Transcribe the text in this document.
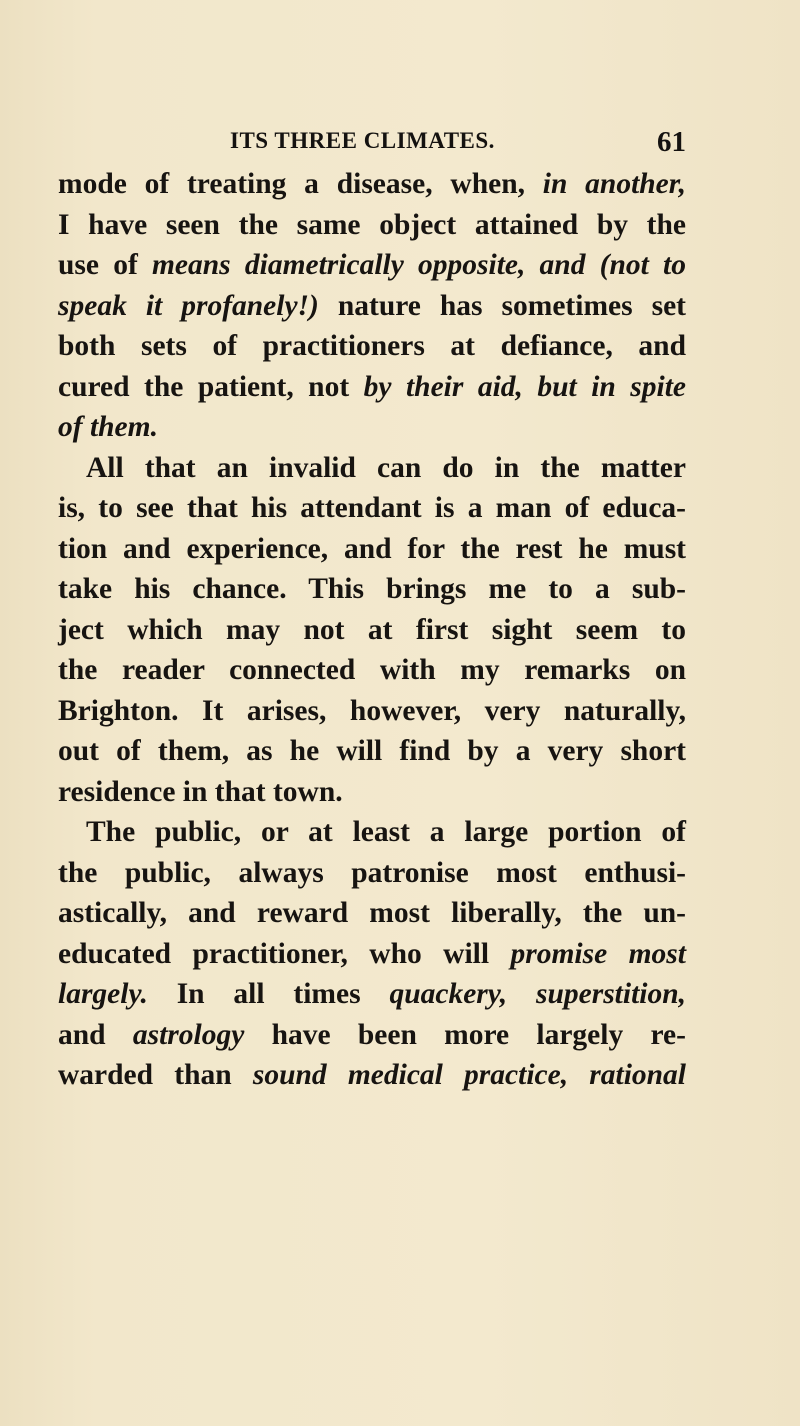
ITS THREE CLIMATES.	61
mode of treating a disease, when, in another,
I have seen the same object attained by the
use of means diametrically opposite, and (not to
speak it profanely!) nature has sometimes set
both sets of practitioners at defiance, and
cured the patient, not by their aid, but in spite
of them.
All that an invalid can do in the matter
is, to see that his attendant is a man of educa-
tion and experience, and for the rest he must
take his chance. This brings me to a sub-
ject which may not at first sight seem to
the reader connected with my remarks on
Brighton. It arises, however, very naturally,
out of them, as he will find by a very short
residence in that town.
The public, or at least a large portion of
the public, always patronise most enthusi-
astically, and reward most liberally, the un-
educated practitioner, who will promise most
largely. In all times quackery, superstition,
and astrology have been more largely re-
warded than sound medical practice, rational
